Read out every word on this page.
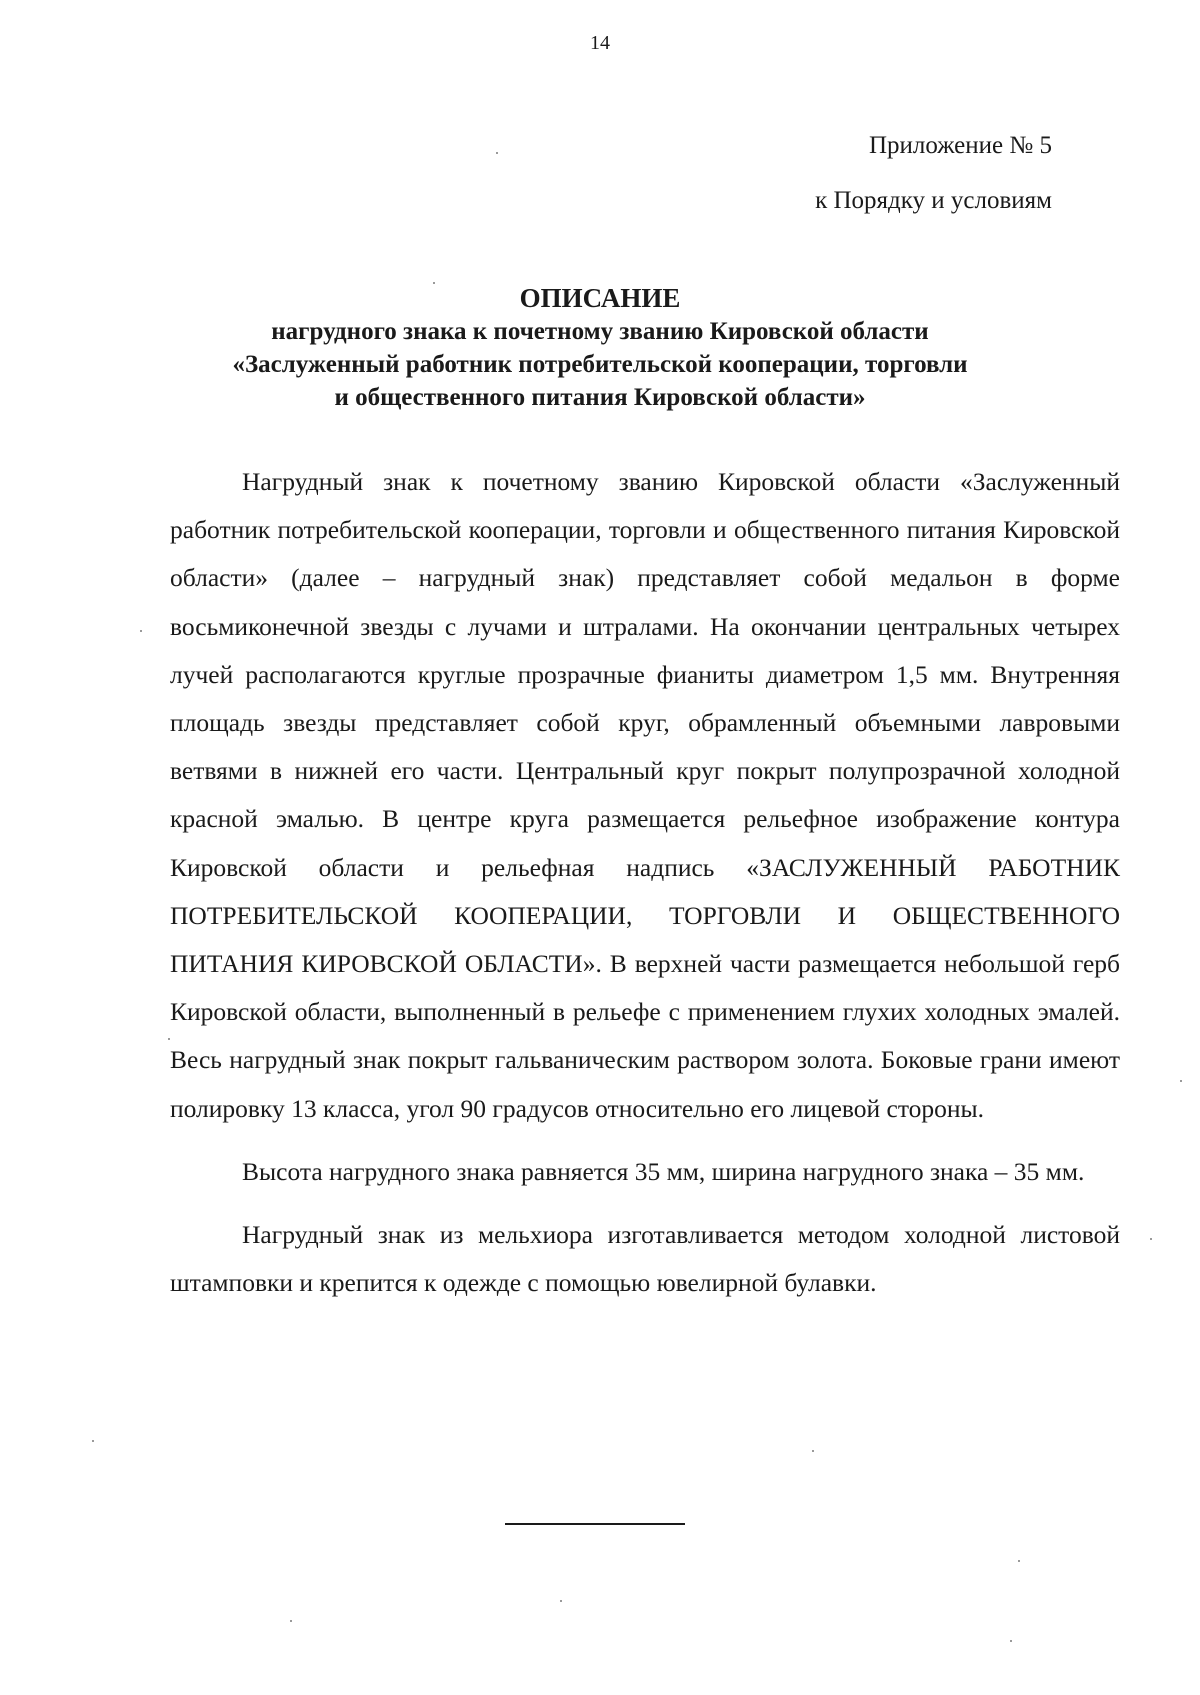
14
Приложение № 5
к Порядку и условиям
ОПИСАНИЕ
нагрудного знака к почетному званию Кировской области
«Заслуженный работник потребительской кооперации, торговли
и общественного питания Кировской области»

Нагрудный знак к почетному званию Кировской области «Заслуженный работник потребительской кооперации, торговли и общественного питания Кировской области» (далее – нагрудный знак) представляет собой медальон в форме восьмиконечной звезды с лучами и штралами. На окончании центральных четырех лучей располагаются круглые прозрачные фианиты диаметром 1,5 мм. Внутренняя площадь звезды представляет собой круг, обрамленный объемными лавровыми ветвями в нижней его части. Центральный круг покрыт полупрозрачной холодной красной эмалью. В центре круга размещается рельефное изображение контура Кировской области и рельефная надпись «ЗАСЛУЖЕННЫЙ РАБОТНИК ПОТРЕБИТЕЛЬСКОЙ КООПЕРАЦИИ, ТОРГОВЛИ И ОБЩЕСТВЕННОГО ПИТАНИЯ КИРОВСКОЙ ОБЛАСТИ». В верхней части размещается небольшой герб Кировской области, выполненный в рельефе с применением глухих холодных эмалей. Весь нагрудный знак покрыт гальваническим раствором золота. Боковые грани имеют полировку 13 класса, угол 90 градусов относительно его лицевой стороны.

Высота нагрудного знака равняется 35 мм, ширина нагрудного знака – 35 мм.

Нагрудный знак из мельхиора изготавливается методом холодной листовой штамповки и крепится к одежде с помощью ювелирной булавки.
